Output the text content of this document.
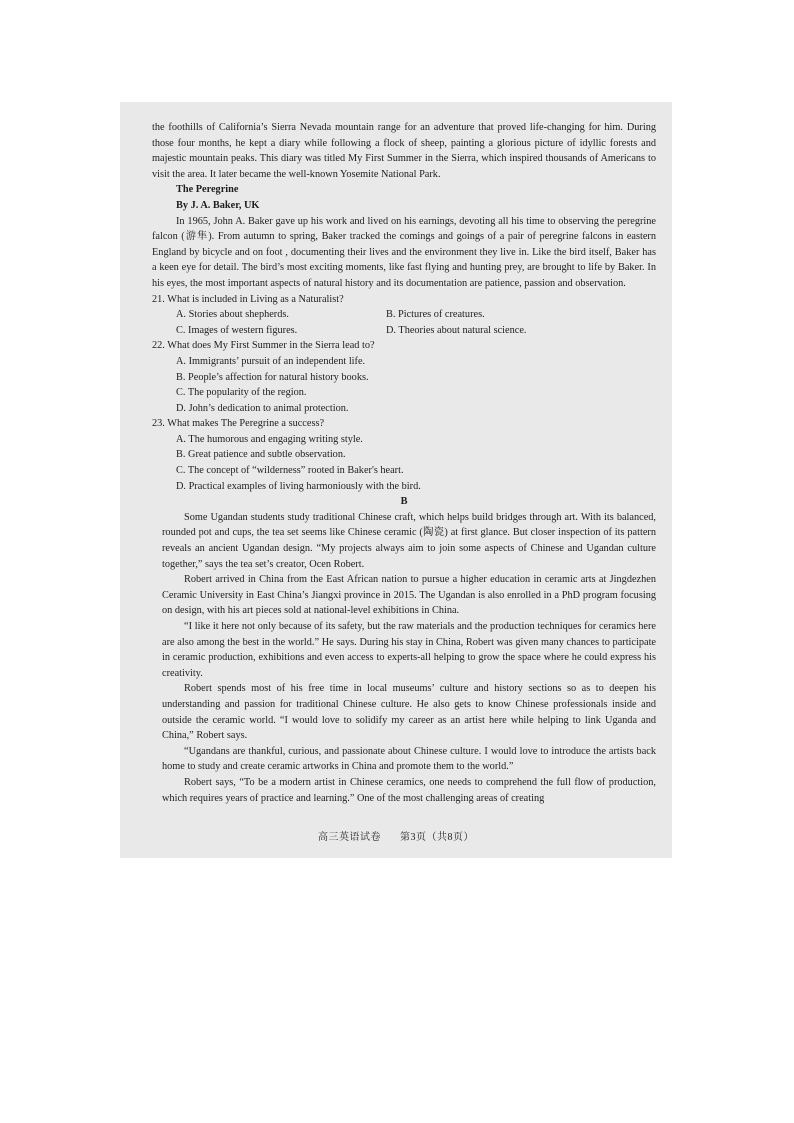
the foothills of California’s Sierra Nevada mountain range for an adventure that proved life-changing for him. During those four months, he kept a diary while following a flock of sheep, painting a glorious picture of idyllic forests and majestic mountain peaks. This diary was titled My First Summer in the Sierra, which inspired thousands of Americans to visit the area. It later became the well-known Yosemite National Park.

The Peregrine

By J. A. Baker, UK

In 1965, John A. Baker gave up his work and lived on his earnings, devoting all his time to observing the peregrine falcon (游隼). From autumn to spring, Baker tracked the comings and goings of a pair of peregrine falcons in eastern England by bicycle and on foot , documenting their lives and the environment they live in. Like the bird itself, Baker has a keen eye for detail. The bird’s most exciting moments, like fast flying and hunting prey, are brought to life by Baker. In his eyes, the most important aspects of natural history and its documentation are patience, passion and observation.

21. What is included in Living as a Naturalist?

A. Stories about shepherds.	B. Pictures of creatures.
C. Images of western figures.	D. Theories about natural science.

22. What does My First Summer in the Sierra lead to?

A. Immigrants’ pursuit of an independent life.

B. People’s affection for natural history books.

C. The popularity of the region.

D. John’s dedication to animal protection.

23. What makes The Peregrine a success?

A. The humorous and engaging writing style.

B. Great patience and subtle observation.

C. The concept of “wilderness” rooted in Baker's heart.

D. Practical examples of living harmoniously with the bird.

B

Some Ugandan students study traditional Chinese craft, which helps build bridges through art. With its balanced, rounded pot and cups, the tea set seems like Chinese ceramic (陶瓷) at first glance. But closer inspection of its pattern reveals an ancient Ugandan design. “My projects always aim to join some aspects of Chinese and Ugandan culture together,” says the tea set’s creator, Ocen Robert.

Robert arrived in China from the East African nation to pursue a higher education in ceramic arts at Jingdezhen Ceramic University in East China’s Jiangxi province in 2015. The Ugandan is also enrolled in a PhD program focusing on design, with his art pieces sold at national-level exhibitions in China.

“I like it here not only because of its safety, but the raw materials and the production techniques for ceramics here are also among the best in the world.” He says. During his stay in China, Robert was given many chances to participate in ceramic production, exhibitions and even access to experts-all helping to grow the space where he could express his creativity.

Robert spends most of his free time in local museums’ culture and history sections so as to deepen his understanding and passion for traditional Chinese culture. He also gets to know Chinese professionals inside and outside the ceramic world. “I would love to solidify my career as an artist here while helping to link Uganda and China,” Robert says.

“Ugandans are thankful, curious, and passionate about Chinese culture. I would love to introduce the artists back home to study and create ceramic artworks in China and promote them to the world.”

Robert says, “To be a modern artist in Chinese ceramics, one needs to comprehend the full flow of production, which requires years of practice and learning.” One of the most challenging areas of creating

高三英语试卷 第3页（共8页）
